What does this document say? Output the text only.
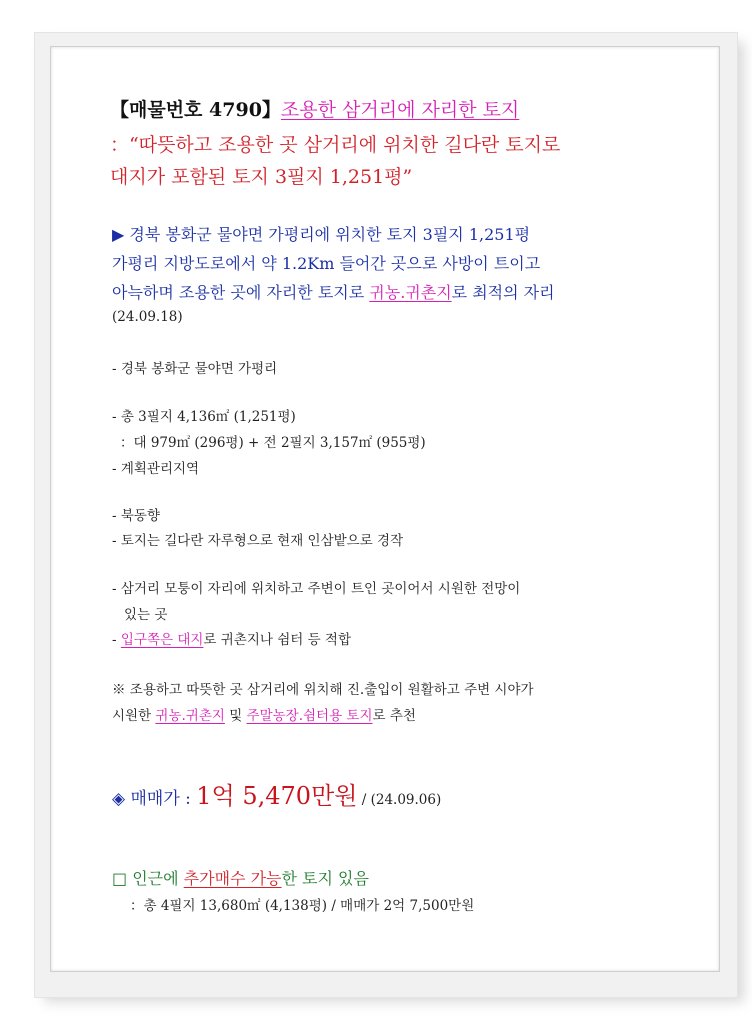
【매물번호 4790】조용한 삼거리에 자리한 토지
：“따뜻하고 조용한 곳 삼거리에 위치한 길다란 토지로
대지가 포함된 토지 3필지 1,251평”
▶ 경북 봉화군 물야면 가평리에 위치한 토지 3필지 1,251평
가평리 지방도로에서 약 1.2Km 들어간 곳으로 사방이 트이고
아늑하며 조용한 곳에 자리한 토지로 귀농.귀촌지로 최적의 자리
(24.09.18)
- 경북 봉화군 물야면 가평리
- 총 3필지 4,136㎡ (1,251평)
：대 979㎡ (296평) + 전 2필지 3,157㎡ (955평)
- 계획관리지역
- 북동향
- 토지는 길다란 자루형으로 현재 인삼밭으로 경작
- 삼거리 모퉁이 자리에 위치하고 주변이 트인 곳이어서 시원한 전망이
있는 곳
- 입구쪽은 대지로 귀촌지나 쉼터 등 적합
※ 조용하고 따뜻한 곳 삼거리에 위치해 진.출입이 원활하고 주변 시야가
시원한 귀농.귀촌지 및 주말농장.쉼터용 토지로 추천
◈ 매매가 : 1억 5,470만원 / (24.09.06)
□ 인근에 추가매수 가능한 토지 있음
：총 4필지 13,680㎡ (4,138평) / 매매가 2억 7,500만원
